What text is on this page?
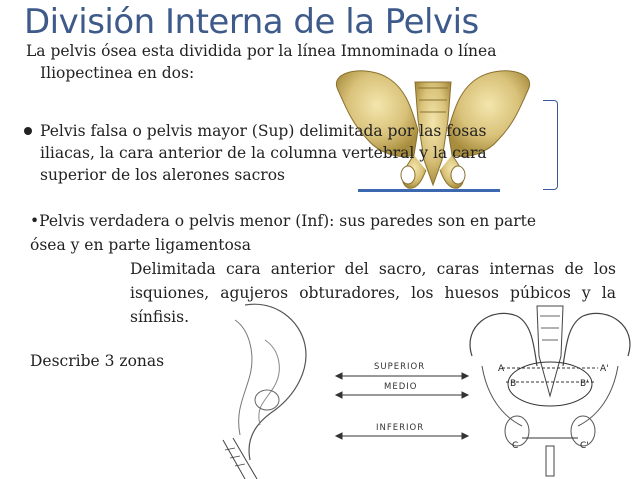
División Interna de la Pelvis
La pelvis ósea esta dividida por la línea Imnominada o línea
Iliopectinea en dos:
Pelvis falsa o pelvis mayor (Sup) delimitada por las fosas
iliacas, la cara anterior de la columna vertebral y la cara
superior de los alerones sacros

•Pelvis verdadera o pelvis menor (Inf): sus paredes son en parte

ósea y en parte ligamentosa

Delimitada cara anterior del sacro, caras internas de los isquiones, agujeros obturadores, los huesos púbicos y la sínfisis.

Describe 3 zonas	SUPERIOR
MEDIO
INFERIOR
A	A'
B	B'
C	C'
